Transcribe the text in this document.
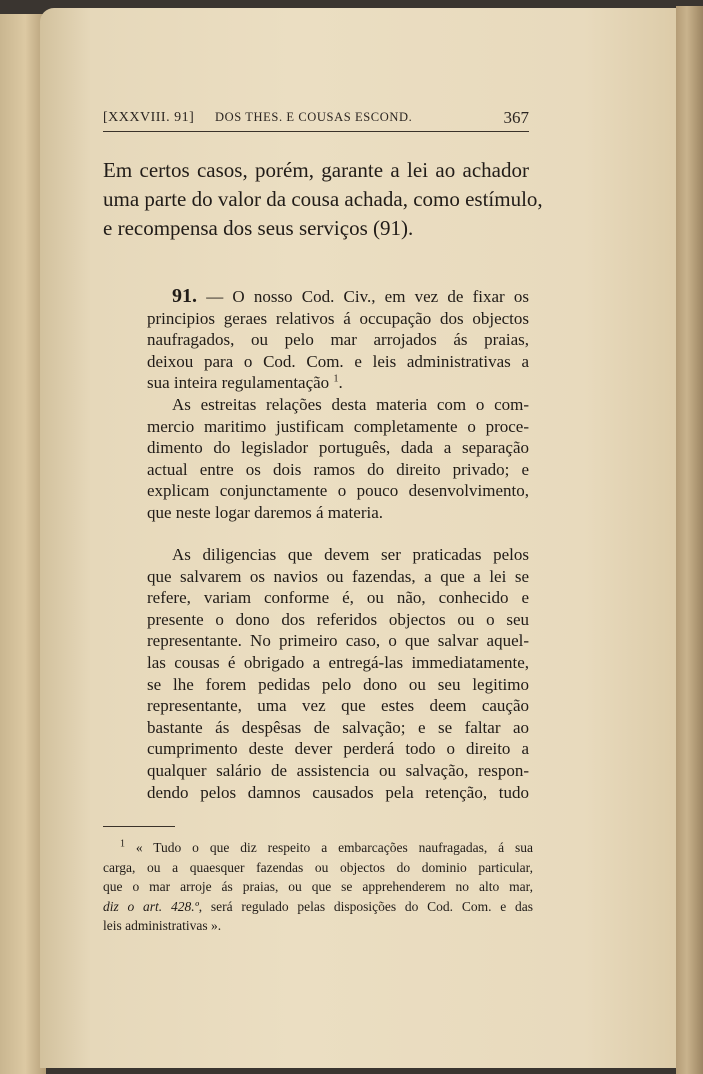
[XXXVIII. 91] DOS THES. E COUSAS ESCOND.	367
Em certos casos, porém, garante a lei ao achador
uma parte do valor da cousa achada, como estímulo,
e recompensa dos seus serviços (91).
91. — O nosso Cod. Civ., em vez de fixar os
principios geraes relativos á occupação dos objectos
naufragados, ou pelo mar arrojados ás praias,
deixou para o Cod. Com. e leis administrativas a
sua inteira regulamentação $^1$.
As estreitas relações desta materia com o com-
mercio maritimo justificam completamente o proce-
dimento do legislador português, dada a separação
actual entre os dois ramos do direito privado; e
explicam conjunctamente o pouco desenvolvimento,
que neste logar daremos á materia.
As diligencias que devem ser praticadas pelos
que salvarem os navios ou fazendas, a que a lei se
refere, variam conforme é, ou não, conhecido e
presente o dono dos referidos objectos ou o seu
representante. No primeiro caso, o que salvar aquel-
las cousas é obrigado a entregá-las immediatamente,
se lhe forem pedidas pelo dono ou seu legitimo
representante, uma vez que estes deem caução
bastante ás despêsas de salvação; e se faltar ao
cumprimento deste dever perderá todo o direito a
qualquer salário de assistencia ou salvação, respon-
dendo pelos damnos causados pela retenção, tudo
$^1$ « Tudo o que diz respeito a embarcações naufragadas, á sua
carga, ou a quaesquer fazendas ou objectos do dominio particular,
que o mar arroje ás praias, ou que se apprehenderem no alto mar,
diz o art. 428.º, será regulado pelas disposições do Cod. Com. e das
leis administrativas ».
